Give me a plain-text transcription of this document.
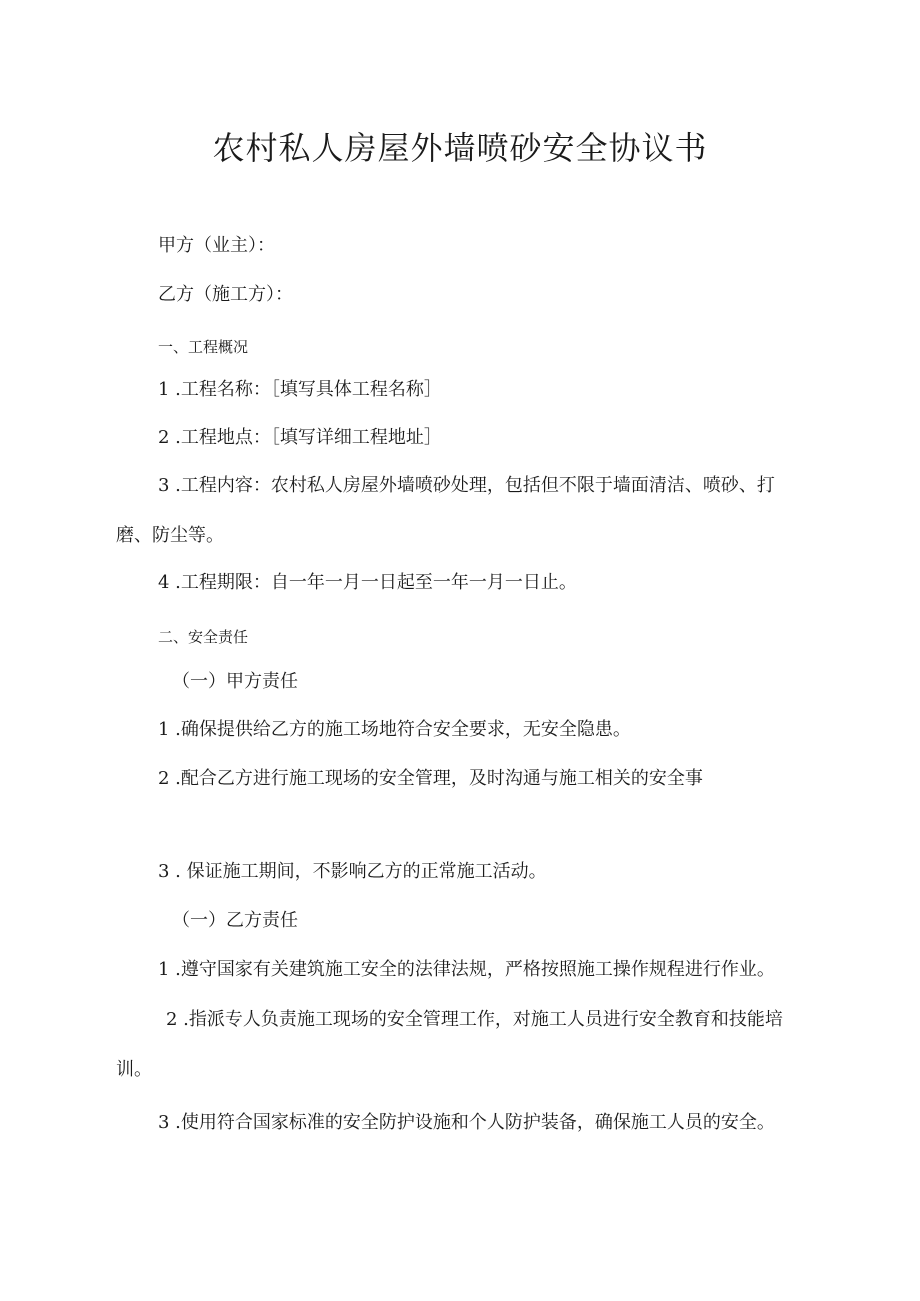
农村私人房屋外墙喷砂安全协议书

甲方（业主）：

乙方（施工方）：

一、工程概况

1 .工程名称：［填写具体工程名称］

2 .工程地点：［填写详细工程地址］

3 .工程内容：农村私人房屋外墙喷砂处理，包括但不限于墙面清洁、喷砂、打磨、防尘等。

4 .工程期限：自一年一月一日起至一年一月一日止。

二、安全责任

（一）甲方责任

1 .确保提供给乙方的施工场地符合安全要求，无安全隐患。

2 .配合乙方进行施工现场的安全管理，及时沟通与施工相关的安全事

3 . 保证施工期间，不影响乙方的正常施工活动。

（一）乙方责任

1 .遵守国家有关建筑施工安全的法律法规，严格按照施工操作规程进行作业。

2 .指派专人负责施工现场的安全管理工作，对施工人员进行安全教育和技能培训。

3 .使用符合国家标准的安全防护设施和个人防护装备，确保施工人员的安全。
